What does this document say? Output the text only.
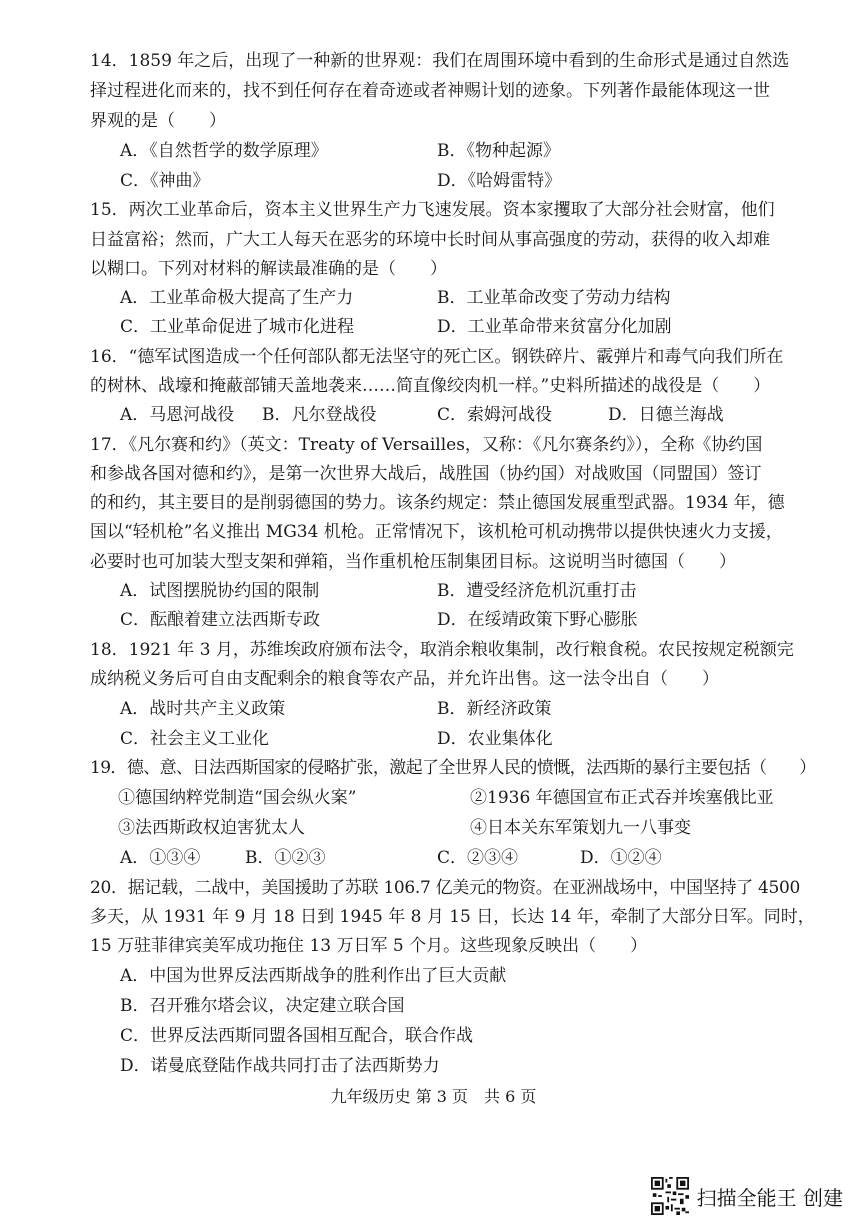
14．1859 年之后，出现了一种新的世界观：我们在周围环境中看到的生命形式是通过自然选
择过程进化而来的，找不到任何存在着奇迹或者神赐计划的迹象。下列著作最能体现这一世
界观的是（　　）
A．《自然哲学的数学原理》	B．《物种起源》
C．《神曲》	D．《哈姆雷特》
15．两次工业革命后，资本主义世界生产力飞速发展。资本家攫取了大部分社会财富，他们
日益富裕；然而，广大工人每天在恶劣的环境中长时间从事高强度的劳动，获得的收入却难
以糊口。下列对材料的解读最准确的是（　　）
A．工业革命极大提高了生产力	B．工业革命改变了劳动力结构
C．工业革命促进了城市化进程	D．工业革命带来贫富分化加剧
16．“德军试图造成一个任何部队都无法坚守的死亡区。钢铁碎片、霰弹片和毒气向我们所在
的树林、战壕和掩蔽部铺天盖地袭来……简直像绞肉机一样。”史料所描述的战役是（　　）
A．马恩河战役 B．凡尔登战役	C．索姆河战役	D．日德兰海战
17．《凡尔赛和约》（英文：Treaty of Versailles，又称：《凡尔赛条约》），全称《协约国
和参战各国对德和约》，是第一次世界大战后，战胜国（协约国）对战败国（同盟国）签订
的和约，其主要目的是削弱德国的势力。该条约规定：禁止德国发展重型武器。1934 年，德
国以“轻机枪”名义推出 MG34 机枪。正常情况下，该机枪可机动携带以提供快速火力支援，
必要时也可加装大型支架和弹箱，当作重机枪压制集团目标。这说明当时德国（　　）
A．试图摆脱协约国的限制	B．遭受经济危机沉重打击
C．酝酿着建立法西斯专政	D．在绥靖政策下野心膨胀
18．1921 年 3 月，苏维埃政府颁布法令，取消余粮收集制，改行粮食税。农民按规定税额完
成纳税义务后可自由支配剩余的粮食等农产品，并允许出售。这一法令出自（　　）
A．战时共产主义政策	B．新经济政策
C．社会主义工业化	D．农业集体化
19．德、意、日法西斯国家的侵略扩张，激起了全世界人民的愤慨，法西斯的暴行主要包括（　　）
①德国纳粹党制造“国会纵火案”	②1936 年德国宣布正式吞并埃塞俄比亚
③法西斯政权迫害犹太人	④日本关东军策划九一八事变
A．①③④	B．①②③	C．②③④	D．①②④
20．据记载，二战中，美国援助了苏联 106.7 亿美元的物资。在亚洲战场中，中国坚持了 4500
多天，从 1931 年 9 月 18 日到 1945 年 8 月 15 日，长达 14 年，牵制了大部分日军。同时，
15 万驻菲律宾美军成功拖住 13 万日军 5 个月。这些现象反映出（　　）
A．中国为世界反法西斯战争的胜利作出了巨大贡献
B．召开雅尔塔会议，决定建立联合国
C．世界反法西斯同盟各国相互配合，联合作战
D．诺曼底登陆作战共同打击了法西斯势力
九年级历史 第 3 页　共 6 页
扫描全能王 创建
